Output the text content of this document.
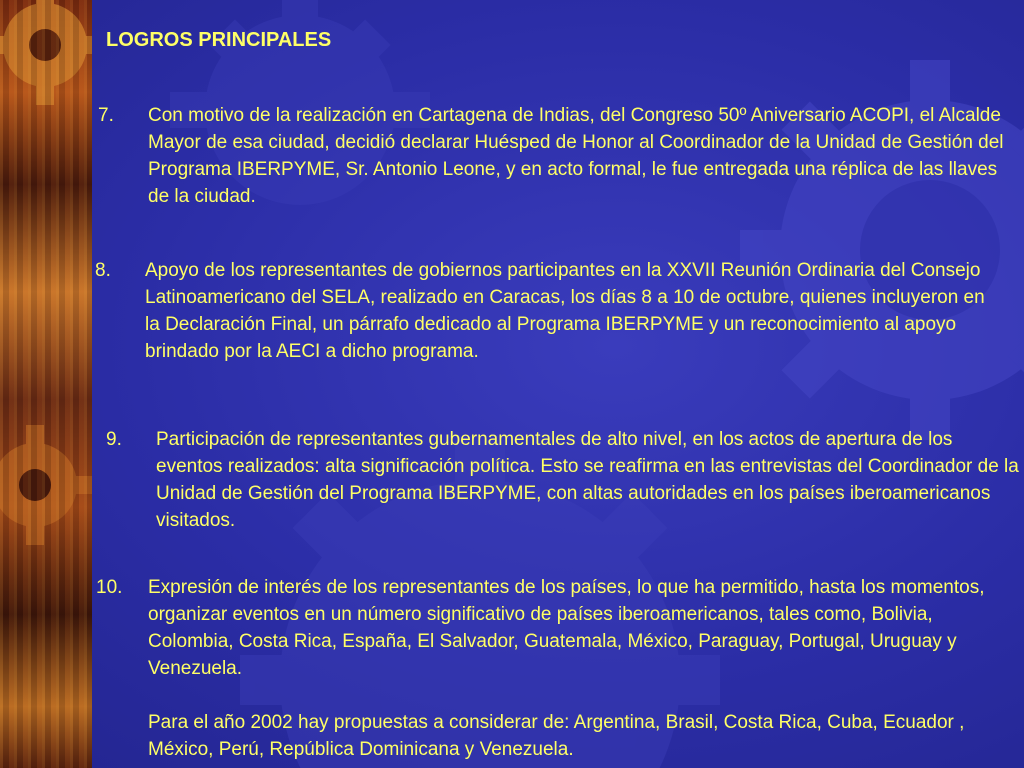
LOGROS PRINCIPALES
7. Con motivo de la realización en Cartagena de Indias, del Congreso 50º Aniversario ACOPI, el Alcalde Mayor de esa ciudad, decidió declarar Huésped de Honor al Coordinador de la Unidad de Gestión del Programa IBERPYME, Sr. Antonio Leone, y en acto formal, le fue entregada una réplica de las llaves de la ciudad.
8. Apoyo de los representantes de gobiernos participantes en la XXVII Reunión Ordinaria del Consejo Latinoamericano del SELA, realizado en Caracas, los días 8 a 10 de octubre, quienes incluyeron en la Declaración Final, un párrafo dedicado al Programa IBERPYME y un reconocimiento al apoyo brindado por la AECI a dicho programa.
9. Participación de representantes gubernamentales de alto nivel, en los actos de apertura de los eventos realizados: alta significación política. Esto se reafirma en las entrevistas del Coordinador de la Unidad de Gestión del Programa IBERPYME, con altas autoridades en los países iberoamericanos visitados.
10. Expresión de interés de los representantes de los países, lo que ha permitido, hasta los momentos, organizar eventos en un número significativo de países iberoamericanos, tales como, Bolivia, Colombia, Costa Rica, España, El Salvador, Guatemala, México, Paraguay, Portugal, Uruguay y Venezuela.
Para el año 2002 hay propuestas a considerar de: Argentina, Brasil, Costa Rica, Cuba, Ecuador , México, Perú, República Dominicana y Venezuela.
